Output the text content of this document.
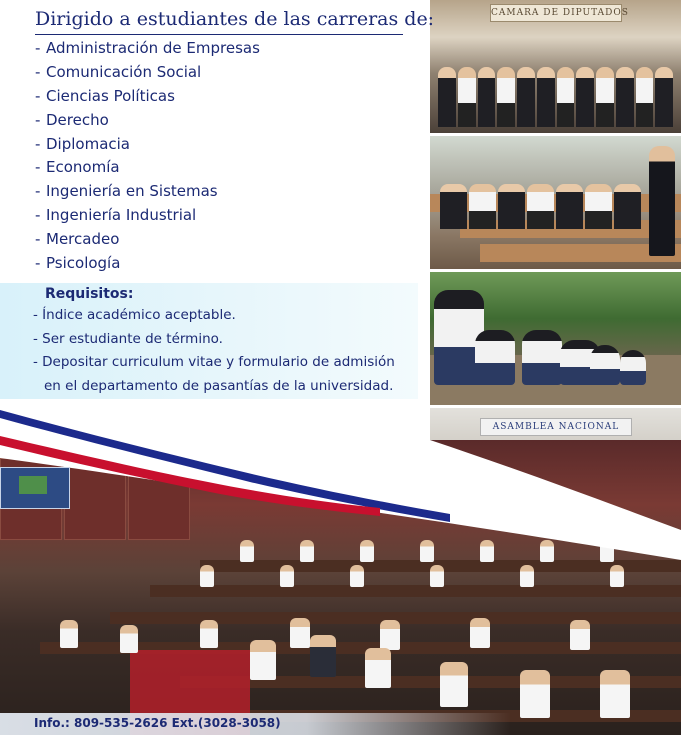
CAMARA DE DIPUTADOS
ASAMBLEA NACIONAL
Dirigido a estudiantes de las carreras de:
- Administración de Empresas
- Comunicación Social
- Ciencias Políticas
- Derecho
- Diplomacia
- Economía
- Ingeniería en Sistemas
- Ingeniería Industrial
- Mercadeo
- Psicología
Requisitos:
- Índice académico aceptable.
- Ser estudiante de término.
- Depositar curriculum vitae y formulario de admisión
en el departamento de pasantías de la universidad.
Info.: 809-535-2626 Ext.(3028-3058)
